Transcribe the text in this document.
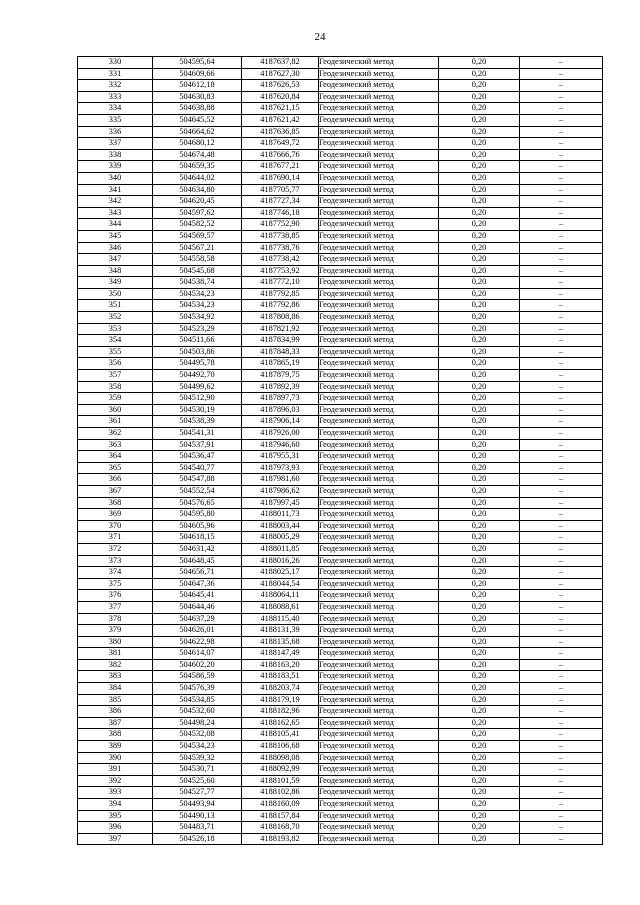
24
330	504595,64	4187637,82	Геодезический метод	0,20	–
331	504609,66	4187627,30	Геодезический метод	0,20	–
332	504612,18	4187626,53	Геодезический метод	0,20	–
333	504630,83	4187620,84	Геодезический метод	0,20	–
334	504638,88	4187621,15	Геодезический метод	0,20	–
335	504645,52	4187621,42	Геодезический метод	0,20	–
336	504664,62	4187636,85	Геодезический метод	0,20	–
337	504680,12	4187649,72	Геодезический метод	0,20	–
338	504674,48	4187666,76	Геодезический метод	0,20	–
339	504659,35	4187677,21	Геодезический метод	0,20	–
340	504644,02	4187690,14	Геодезический метод	0,20	–
341	504634,80	4187705,77	Геодезический метод	0,20	–
342	504620,45	4187727,34	Геодезический метод	0,20	–
343	504597,62	4187746,18	Геодезический метод	0,20	–
344	504582,52	4187752,90	Геодезический метод	0,20	–
345	504569,57	4187738,85	Геодезический метод	0,20	–
346	504567,21	4187738,76	Геодезический метод	0,20	–
347	504558,58	4187738,42	Геодезический метод	0,20	–
348	504545,68	4187753,92	Геодезический метод	0,20	–
349	504538,74	4187772,10	Геодезический метод	0,20	–
350	504534,23	4187792,85	Геодезический метод	0,20	–
351	504534,23	4187792,86	Геодезический метод	0,20	–
352	504534,92	4187808,86	Геодезический метод	0,20	–
353	504523,29	4187821,92	Геодезический метод	0,20	–
354	504511,66	4187834,99	Геодезический метод	0,20	–
355	504503,86	4187848,33	Геодезический метод	0,20	–
356	504495,78	4187865,19	Геодезический метод	0,20	–
357	504492,70	4187879,75	Геодезический метод	0,20	–
358	504499,62	4187892,39	Геодезический метод	0,20	–
359	504512,90	4187897,73	Геодезический метод	0,20	–
360	504530,19	4187896,03	Геодезический метод	0,20	–
361	504538,39	4187906,14	Геодезический метод	0,20	–
362	504541,31	4187926,00	Геодезический метод	0,20	–
363	504537,91	4187946,60	Геодезический метод	0,20	–
364	504536,47	4187955,31	Геодезический метод	0,20	–
365	504540,77	4187973,93	Геодезический метод	0,20	–
366	504547,88	4187981,60	Геодезический метод	0,20	–
367	504552,54	4187986,62	Геодезический метод	0,20	–
368	504576,65	4187997,45	Геодезический метод	0,20	–
369	504595,80	4188011,73	Геодезический метод	0,20	–
370	504605,96	4188003,44	Геодезический метод	0,20	–
371	504618,15	4188005,29	Геодезический метод	0,20	–
372	504631,42	4188011,85	Геодезический метод	0,20	–
373	504648,45	4188016,26	Геодезический метод	0,20	–
374	504656,71	4188025,17	Геодезический метод	0,20	–
375	504647,36	4188044,54	Геодезический метод	0,20	–
376	504645,41	4188064,11	Геодезический метод	0,20	–
377	504644,46	4188088,61	Геодезический метод	0,20	–
378	504637,29	4188115,40	Геодезический метод	0,20	–
379	504626,01	4188131,39	Геодезический метод	0,20	–
380	504622,98	4188135,68	Геодезический метод	0,20	–
381	504614,07	4188147,49	Геодезический метод	0,20	–
382	504602,20	4188163,20	Геодезический метод	0,20	–
383	504586,59	4188183,51	Геодезический метод	0,20	–
384	504576,39	4188203,74	Геодезический метод	0,20	–
385	504534,85	4188179,19	Геодезический метод	0,20	–
386	504532,60	4188182,96	Геодезический метод	0,20	–
387	504498,24	4188162,65	Геодезический метод	0,20	–
388	504532,08	4188105,41	Геодезический метод	0,20	–
389	504534,23	4188106,68	Геодезический метод	0,20	–
390	504539,32	4188098,08	Геодезический метод	0,20	–
391	504530,71	4188092,99	Геодезический метод	0,20	–
392	504525,60	4188101,59	Геодезический метод	0,20	–
393	504527,77	4188102,86	Геодезический метод	0,20	–
394	504493,94	4188160,09	Геодезический метод	0,20	–
395	504490,13	4188157,84	Геодезический метод	0,20	–
396	504483,71	4188168,70	Геодезический метод	0,20	–
397	504526,18	4188193,82	Геодезический метод	0,20	–
